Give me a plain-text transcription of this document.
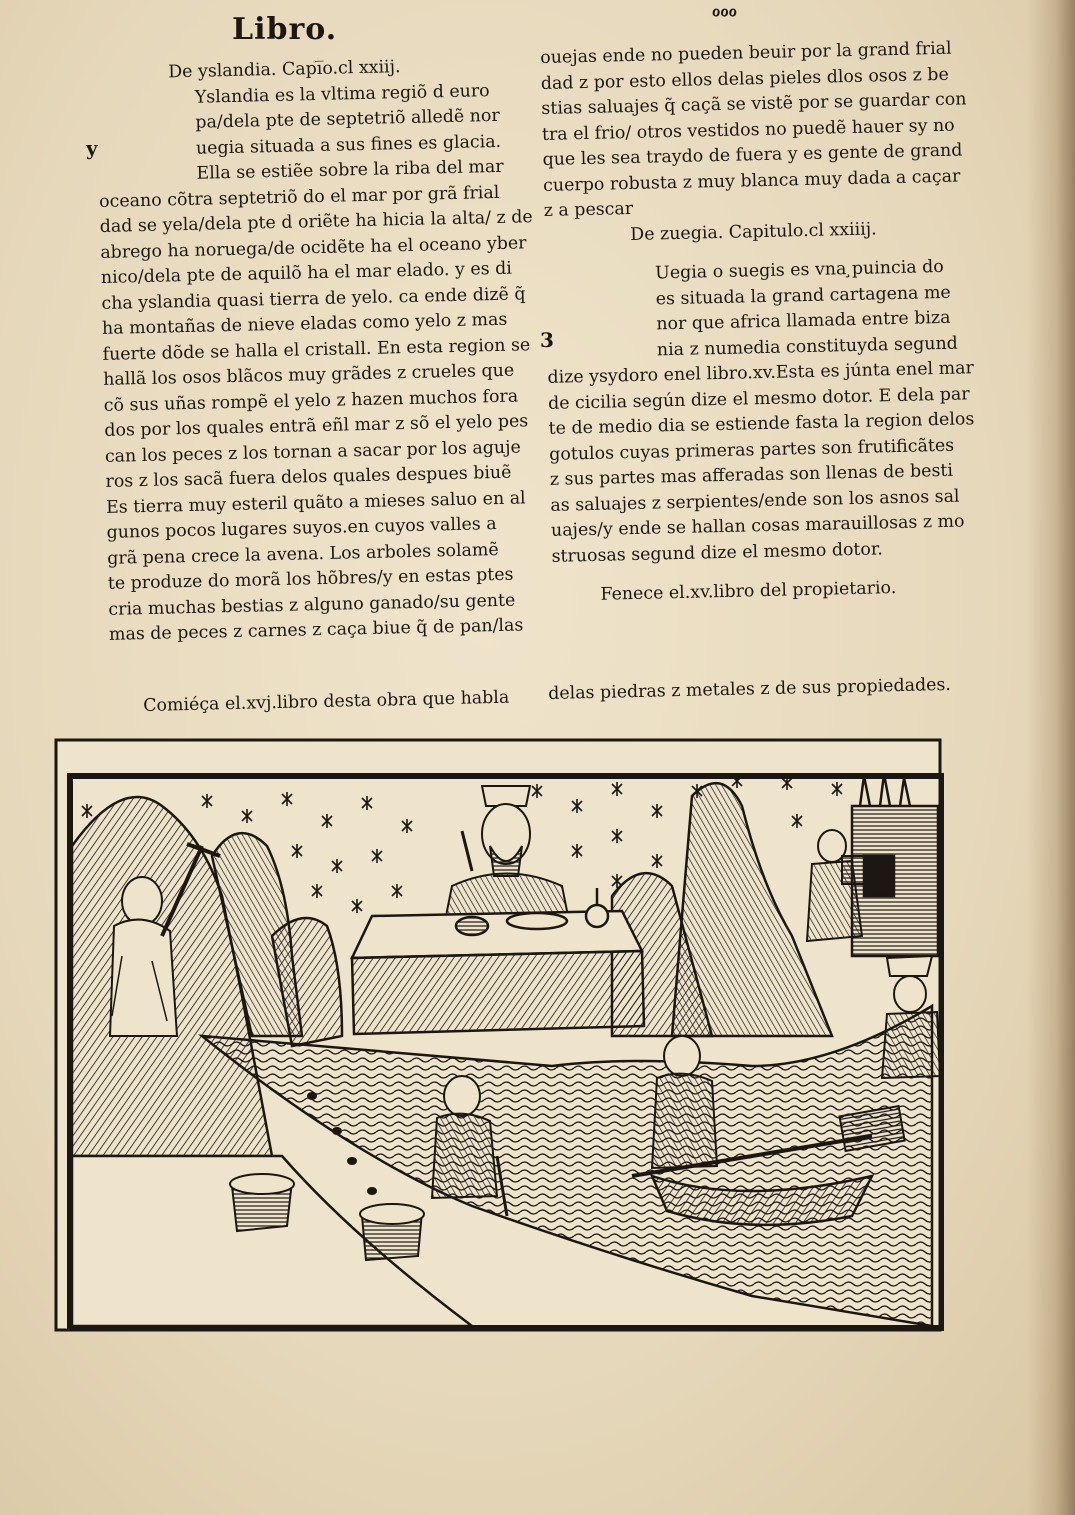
Libro.
ℴℴℴ
y
3
De yslandia. Capi̅o.cl xxiij.
Yslandia es la vltima regiõ d euro
pa/dela pte de septetriõ alledẽ nor
uegia situada a sus fines es glacia.
Ella se estiẽe sobre la riba del mar
oceano cõtra septetriõ do el mar por grã frial
dad se yela/dela pte d oriẽte ha hicia la alta/ z de
abrego ha noruega/de ocidẽte ha el oceano yber
nico/dela pte de aquilõ ha el mar elado. y es di
cha yslandia quasi tierra de yelo. ca ende dizẽ q̃
ha montañas de nieve eladas como yelo z mas
fuerte dõde se halla el cristall. En esta region se
hallã los osos blãcos muy grãdes z crueles que
cõ sus uñas rompẽ el yelo z hazen muchos fora
dos por los quales entrã eñl mar z sõ el yelo pes
can los peces z los tornan a sacar por los aguje
ros z los sacã fuera delos quales despues biuẽ
Es tierra muy esteril quãto a mieses saluo en al
gunos pocos lugares suyos.en cuyos valles a
grã pena crece la avena. Los arboles solamẽ
te produze do morã los hõbres/y en estas ptes
cria muchas bestias z alguno ganado/su gente
mas de peces z carnes z caça biue q̃ de pan/las
ouejas ende no pueden beuir por la grand frial
dad z por esto ellos delas pieles dlos osos z be
stias saluajes q̃ caçã se vistẽ por se guardar con
tra el frio/ otros vestidos no puedẽ hauer sy no
que les sea traydo de fuera y es gente de grand
cuerpo robusta z muy blanca muy dada a caçar
z a pescar
De zuegia. Capitulo.cl xxiiij.
Uegia o suegis es vna ̧puincia do
es situada la grand cartagena me
nor que africa llamada entre biza
nia z numedia constituyda segund
dize ysydoro enel libro.xv.Esta es júnta enel mar
de cicilia según dize el mesmo dotor. E dela par
te de medio dia se estiende fasta la region delos
gotulos cuyas primeras partes son frutificãtes
z sus partes mas afferadas son llenas de besti
as saluajes z serpientes/ende son los asnos sal
uajes/y ende se hallan cosas marauillosas z mo
struosas segund dize el mesmo dotor.
Fenece el.xv.libro del propietario.
Comiéça el.xvj.libro desta obra que habla delas piedras z metales z de sus propiedades.
